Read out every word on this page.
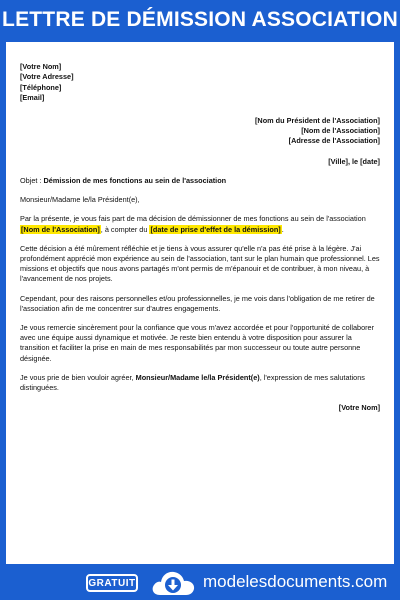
LETTRE DE DÉMISSION ASSOCIATION
[Votre Nom]
[Votre Adresse]
[Téléphone]
[Email]
[Nom du Président de l'Association]
[Nom de l'Association]
[Adresse de l'Association]
[Ville], le [date]
Objet : Démission de mes fonctions au sein de l'association

Monsieur/Madame le/la Président(e),

Par la présente, je vous fais part de ma décision de démissionner de mes fonctions au sein de l'association [Nom de l'Association], à compter du [date de prise d'effet de la démission].

Cette décision a été mûrement réfléchie et je tiens à vous assurer qu'elle n'a pas été prise à la légère. J'ai profondément apprécié mon expérience au sein de l'association, tant sur le plan humain que professionnel. Les missions et objectifs que nous avons partagés m'ont permis de m'épanouir et de contribuer, à mon niveau, à l'avancement de nos projets.

Cependant, pour des raisons personnelles et/ou professionnelles, je me vois dans l'obligation de me retirer de l'association afin de me concentrer sur d'autres engagements.

Je vous remercie sincèrement pour la confiance que vous m'avez accordée et pour l'opportunité de collaborer avec une équipe aussi dynamique et motivée. Je reste bien entendu à votre disposition pour assurer la transition et faciliter la prise en main de mes responsabilités par mon successeur ou toute autre personne désignée.

Je vous prie de bien vouloir agréer, Monsieur/Madame le/la Président(e), l'expression de mes salutations distinguées.

[Votre Nom]
GRATUIT	modelesdocuments.com
